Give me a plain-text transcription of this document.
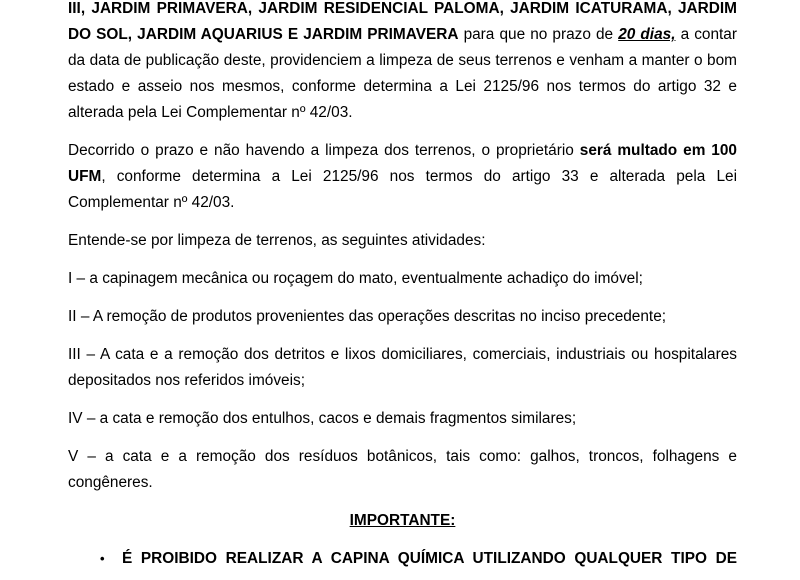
III, JARDIM PRIMAVERA, JARDIM RESIDENCIAL PALOMA, JARDIM ICATURAMA, JARDIM DO SOL, JARDIM AQUARIUS E JARDIM PRIMAVERA para que no prazo de 20 dias, a contar da data de publicação deste, providenciem a limpeza de seus terrenos e venham a manter o bom estado e asseio nos mesmos, conforme determina a Lei 2125/96 nos termos do artigo 32 e alterada pela Lei Complementar nº 42/03.

Decorrido o prazo e não havendo a limpeza dos terrenos, o proprietário será multado em 100 UFM, conforme determina a Lei 2125/96 nos termos do artigo 33 e alterada pela Lei Complementar nº 42/03.

Entende-se por limpeza de terrenos, as seguintes atividades:

I – a capinagem mecânica ou roçagem do mato, eventualmente achadiço do imóvel;

II – A remoção de produtos provenientes das operações descritas no inciso precedente;

III – A cata e a remoção dos detritos e lixos domiciliares, comerciais, industriais ou hospitalares depositados nos referidos imóveis;

IV – a cata e remoção dos entulhos, cacos e demais fragmentos similares;

V – a cata e a remoção dos resíduos botânicos, tais como: galhos, troncos, folhagens e congêneres.

IMPORTANTE:

•	É PROIBIDO REALIZAR A CAPINA QUÍMICA UTILIZANDO QUALQUER TIPO DE
